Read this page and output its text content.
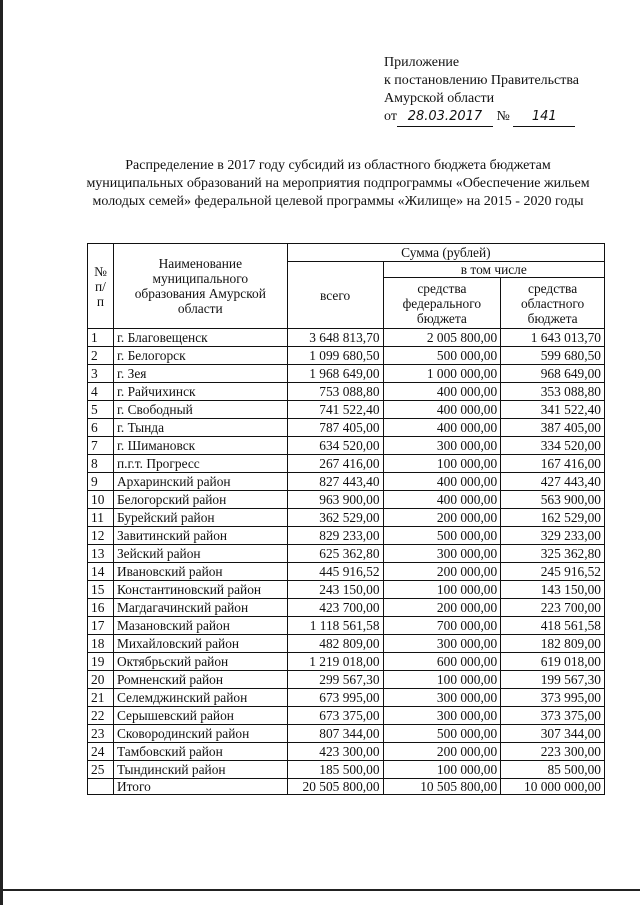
Приложение
к постановлению Правительства
Амурской области
от 28.03.2017 № 141
Распределение в 2017 году субсидий из областного бюджета бюджетам муниципальных образований на мероприятия подпрограммы «Обеспечение жильем молодых семей» федеральной целевой программы «Жилище» на 2015 - 2020 годы
№ п/ п	Наименование муниципального образования Амурской области	Сумма (рублей)		
		всего	в том числе	
			средства федерального бюджета	средства областного бюджета
1	г. Благовещенск	3 648 813,70	2 005 800,00	1 643 013,70
2	г. Белогорск	1 099 680,50	500 000,00	599 680,50
3	г. Зея	1 968 649,00	1 000 000,00	968 649,00
4	г. Райчихинск	753 088,80	400 000,00	353 088,80
5	г. Свободный	741 522,40	400 000,00	341 522,40
6	г. Тында	787 405,00	400 000,00	387 405,00
7	г. Шимановск	634 520,00	300 000,00	334 520,00
8	п.г.т. Прогресс	267 416,00	100 000,00	167 416,00
9	Архаринский район	827 443,40	400 000,00	427 443,40
10	Белогорский район	963 900,00	400 000,00	563 900,00
11	Бурейский район	362 529,00	200 000,00	162 529,00
12	Завитинский район	829 233,00	500 000,00	329 233,00
13	Зейский район	625 362,80	300 000,00	325 362,80
14	Ивановский район	445 916,52	200 000,00	245 916,52
15	Константиновский район	243 150,00	100 000,00	143 150,00
16	Магдагачинский район	423 700,00	200 000,00	223 700,00
17	Мазановский район	1 118 561,58	700 000,00	418 561,58
18	Михайловский район	482 809,00	300 000,00	182 809,00
19	Октябрьский район	1 219 018,00	600 000,00	619 018,00
20	Ромненский район	299 567,30	100 000,00	199 567,30
21	Селемджинский район	673 995,00	300 000,00	373 995,00
22	Серышевский район	673 375,00	300 000,00	373 375,00
23	Сковородинский район	807 344,00	500 000,00	307 344,00
24	Тамбовский район	423 300,00	200 000,00	223 300,00
25	Тындинский район	185 500,00	100 000,00	85 500,00
	Итого	20 505 800,00	10 505 800,00	10 000 000,00
